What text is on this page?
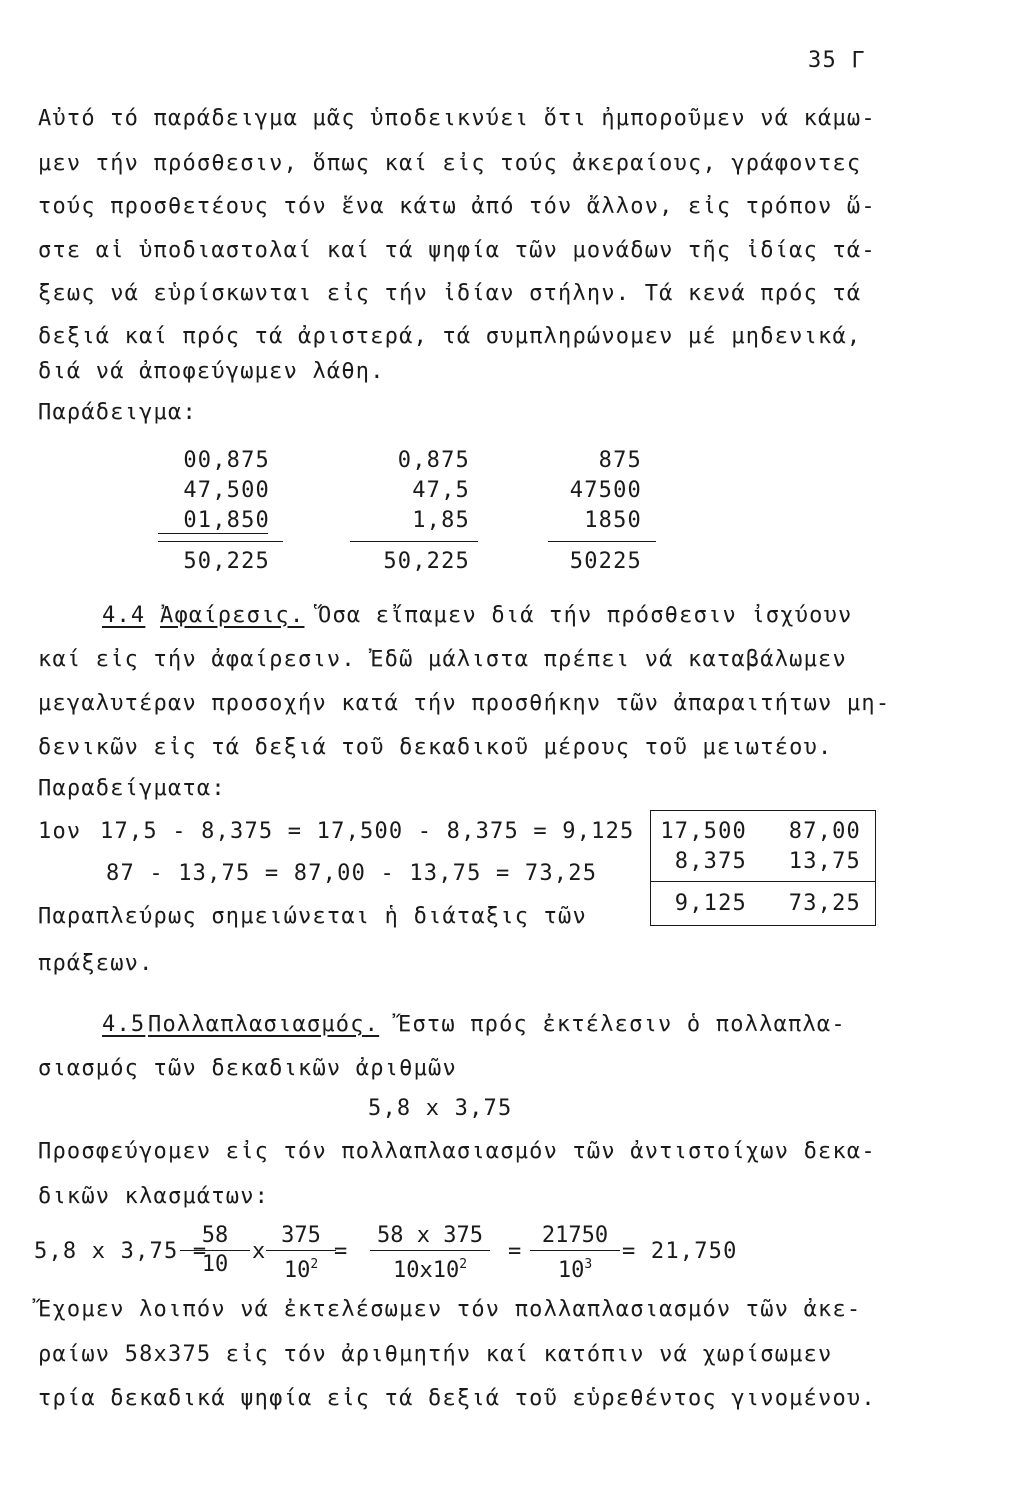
35 Γ
Αὐτό τό παράδειγμα μᾶς ὑποδεικνύει ὅτι ἠμποροῦμεν νά κάμω-
μεν τήν πρόσθεσιν, ὅπως καί εἰς τούς ἀκεραίους, γράφοντες
τούς προσθετέους τόν ἕνα κάτω ἀπό τόν ἄλλον, εἰς τρόπον ὥ-
στε αἱ ὑποδιαστολαί καί τά ψηφία τῶν μονάδων τῆς ἰδίας τά-
ξεως νά εὑρίσκωνται εἰς τήν ἰδίαν στήλην. Τά κενά πρός τά
δεξιά καί πρός τά ἀριστερά, τά συμπληρώνομεν μέ μηδενικά,
διά νά ἀποφεύγωμεν λάθη.
Παράδειγμα:
00,875
47,500
01,850
50,225
0,875
47,5
1,85
50,225
875
47500
1850
50225
4.4 Ἀφαίρεσις. Ὅσα εἴπαμεν διά τήν πρόσθεσιν ἰσχύουν
καί εἰς τήν ἀφαίρεσιν. Ἐδῶ μάλιστα πρέπει νά καταβάλωμεν
μεγαλυτέραν προσοχήν κατά τήν προσθήκην τῶν ἀπαραιτήτων μη-
δενικῶν εἰς τά δεξιά τοῦ δεκαδικοῦ μέρους τοῦ μειωτέου.
Παραδείγματα:
1ον 17,5 - 8,375 = 17,500 - 8,375 = 9,125
87 - 13,75 = 87,00 - 13,75 = 73,25
Παραπλεύρως σημειώνεται ἡ διάταξις τῶν
πράξεων.
17,500
8,375
9,125
87,00
13,75
73,25
4.5 Πολλαπλασιασμός. Ἔστω πρός ἐκτέλεσιν ὁ πολλαπλα-
σιασμός τῶν δεκαδικῶν ἀριθμῶν
5,8 x 3,75
Προσφεύγομεν εἰς τόν πολλαπλασιασμόν τῶν ἀντιστοίχων δεκα-
δικῶν κλασμάτων:
5,8 x 3,75 =
$\frac{58}{10}$ x $\frac{375}{10^2}$
= $\frac{58 x 375}{10x10^2} = \frac{21750}{10^3} = 21,750$
Ἔχομεν λοιπόν νά ἐκτελέσωμεν τόν πολλαπλασιασμόν τῶν ἀκε-
ραίων 58x375 εἰς τόν ἀριθμητήν καί κατόπιν νά χωρίσωμεν
τρία δεκαδικά ψηφία εἰς τά δεξιά τοῦ εὑρεθέντος γινομένου.
